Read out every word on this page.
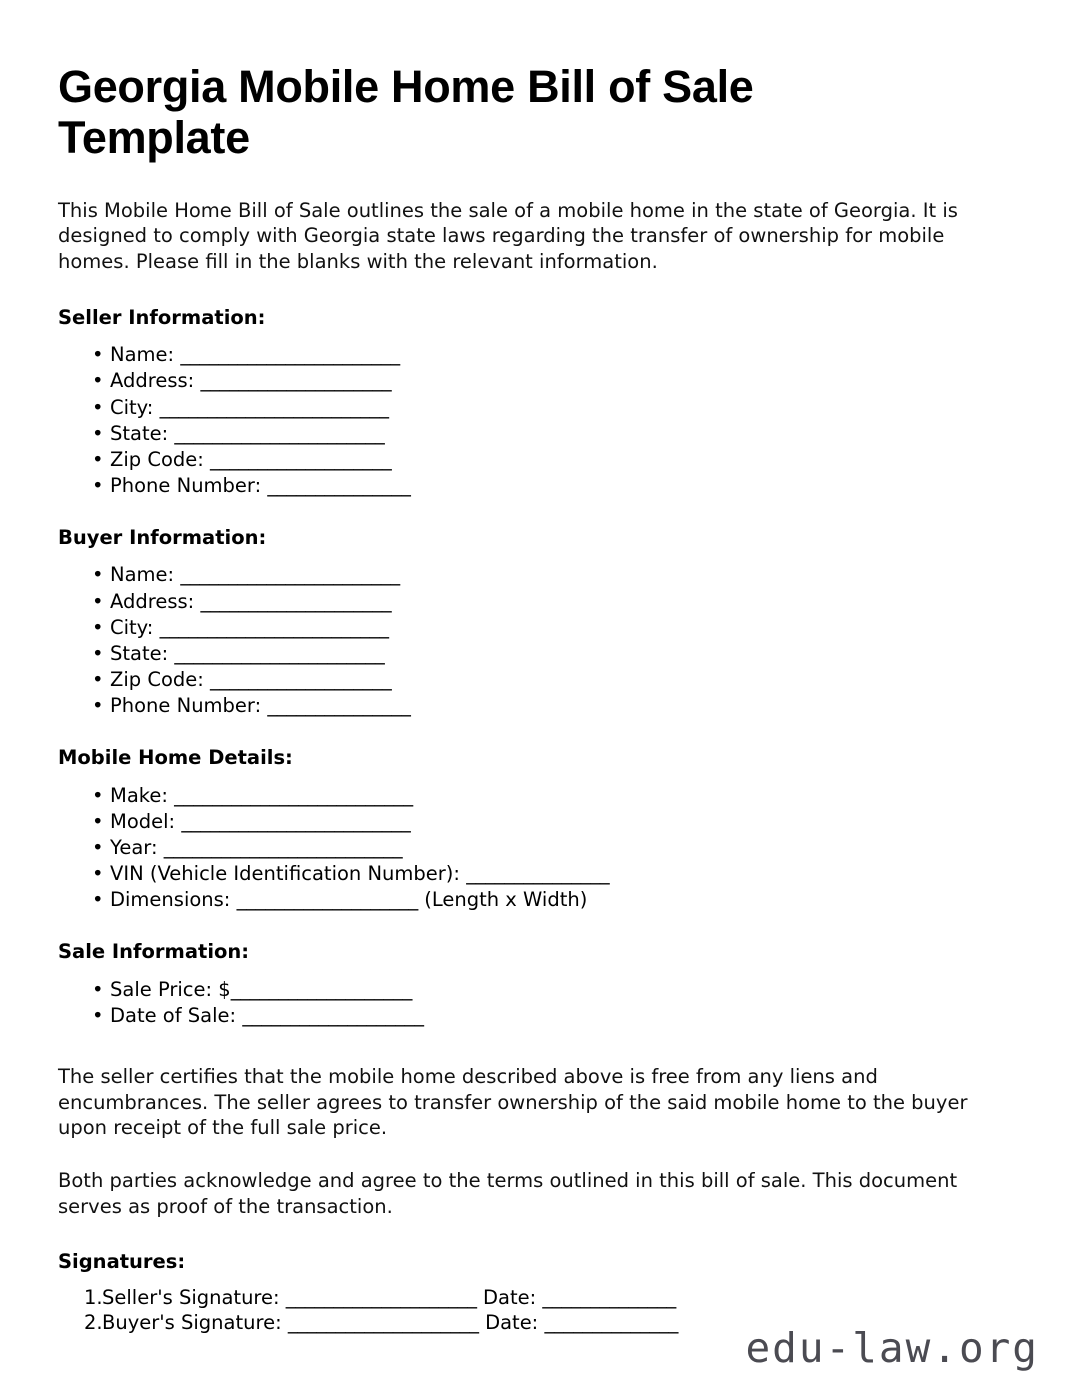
Georgia Mobile Home Bill of Sale Template

This Mobile Home Bill of Sale outlines the sale of a mobile home in the state of Georgia. It is designed to comply with Georgia state laws regarding the transfer of ownership for mobile homes. Please fill in the blanks with the relevant information.

Seller Information:
• Name: _______________________
• Address: ____________________
• City: ________________________
• State: ______________________
• Zip Code: ___________________
• Phone Number: _______________
Buyer Information:
• Name: _______________________
• Address: ____________________
• City: ________________________
• State: ______________________
• Zip Code: ___________________
• Phone Number: _______________
Mobile Home Details:
• Make: _________________________
• Model: ________________________
• Year: _________________________
• VIN (Vehicle Identification Number): _______________
• Dimensions: ___________________ (Length x Width)
Sale Information:
• Sale Price: $___________________
• Date of Sale: ___________________

The seller certifies that the mobile home described above is free from any liens and encumbrances. The seller agrees to transfer ownership of the said mobile home to the buyer upon receipt of the full sale price.

Both parties acknowledge and agree to the terms outlined in this bill of sale. This document serves as proof of the transaction.

Signatures:
1. Seller's Signature: ____________________ Date: ______________
2. Buyer's Signature: ____________________ Date: ______________
edu-law.org
